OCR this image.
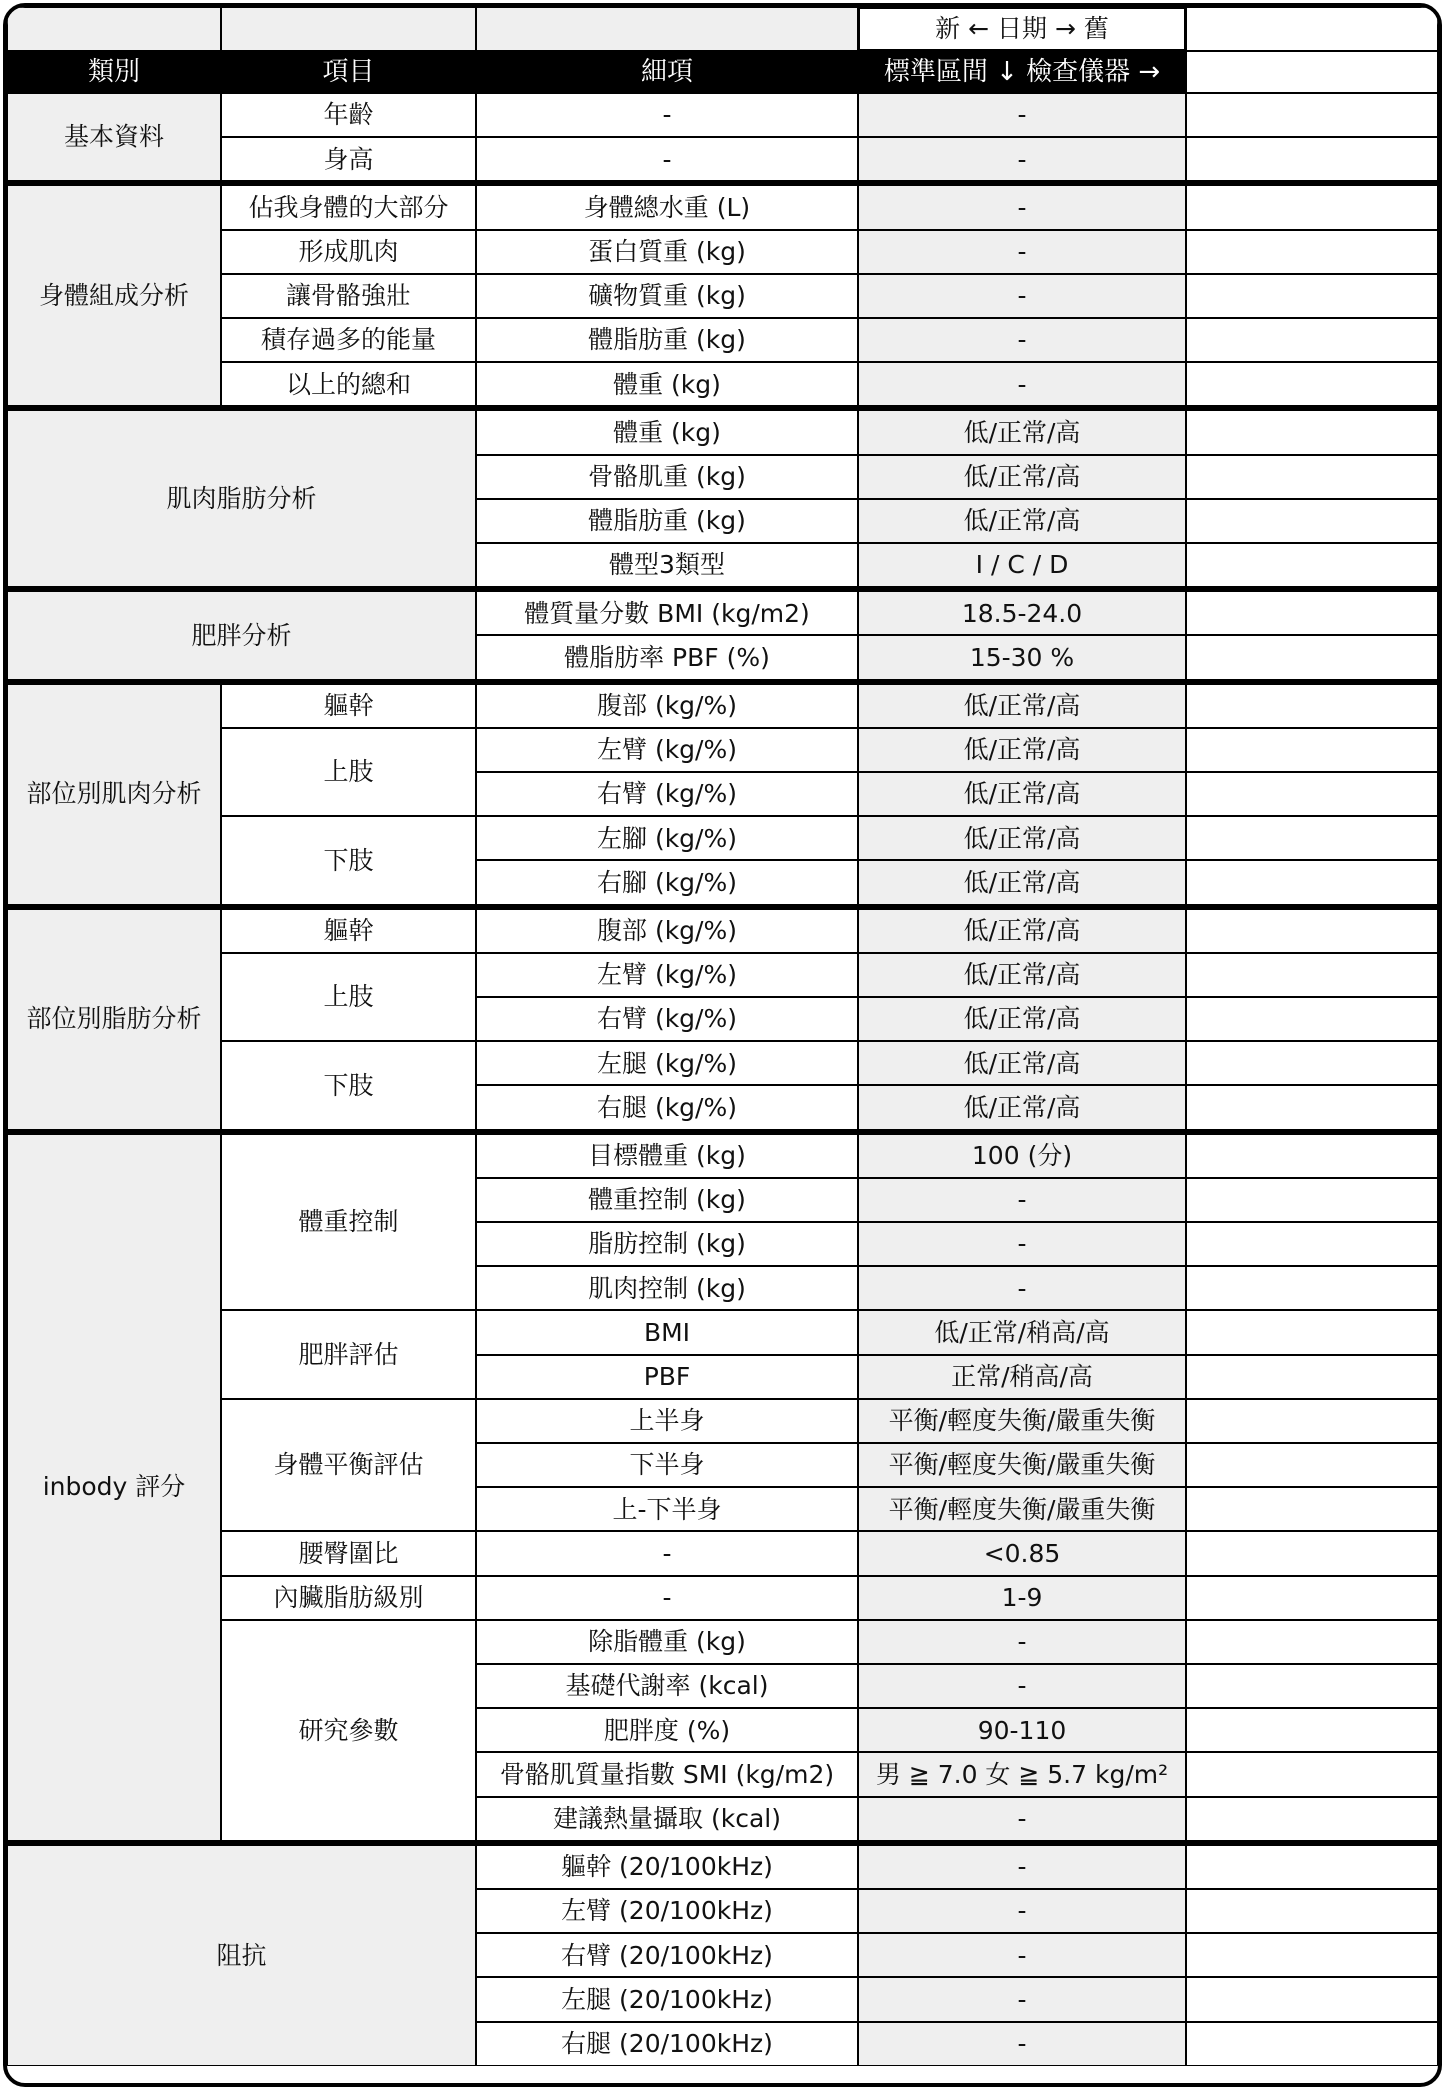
新 ← 日期 → 舊
類別	項目	細項	標準區間 ↓ 檢查儀器 →
基本資料
年齡	-	-
身高	-	-
身體組成分析
佔我身體的大部分	身體總水重 (L)	-
形成肌肉	蛋白質重 (kg)	-
讓骨骼強壯	礦物質重 (kg)	-
積存過多的能量	體脂肪重 (kg)	-
以上的總和	體重 (kg)	-
肌肉脂肪分析
體重 (kg)	低/正常/高
骨骼肌重 (kg)	低/正常/高
體脂肪重 (kg)	低/正常/高
體型3類型	I / C / D
肥胖分析
體質量分數 BMI (kg/m2)	18.5-24.0
體脂肪率 PBF (%)	15-30 %
部位別肌肉分析
軀幹	腹部 (kg/%)	低/正常/高
上肢
左臂 (kg/%)	低/正常/高
右臂 (kg/%)	低/正常/高
下肢
左腳 (kg/%)	低/正常/高
右腳 (kg/%)	低/正常/高
部位別脂肪分析
軀幹	腹部 (kg/%)	低/正常/高
上肢
左臂 (kg/%)	低/正常/高
右臂 (kg/%)	低/正常/高
下肢
左腿 (kg/%)	低/正常/高
右腿 (kg/%)	低/正常/高
inbody 評分
體重控制
目標體重 (kg)	100 (分)
體重控制 (kg)	-
脂肪控制 (kg)	-
肌肉控制 (kg)	-
肥胖評估
BMI	低/正常/稍高/高
PBF	正常/稍高/高
身體平衡評估
上半身	平衡/輕度失衡/嚴重失衡
下半身	平衡/輕度失衡/嚴重失衡
上-下半身	平衡/輕度失衡/嚴重失衡
腰臀圍比	-	<0.85
內臟脂肪級別	-	1-9
研究參數
除脂體重 (kg)	-
基礎代謝率 (kcal)	-
肥胖度 (%)	90-110
骨骼肌質量指數 SMI (kg/m2)	男 ≧ 7.0 女 ≧ 5.7 kg/m²
建議熱量攝取 (kcal)	-
阻抗
軀幹 (20/100kHz)	-
左臂 (20/100kHz)	-
右臂 (20/100kHz)	-
左腿 (20/100kHz)	-
右腿 (20/100kHz)	-
